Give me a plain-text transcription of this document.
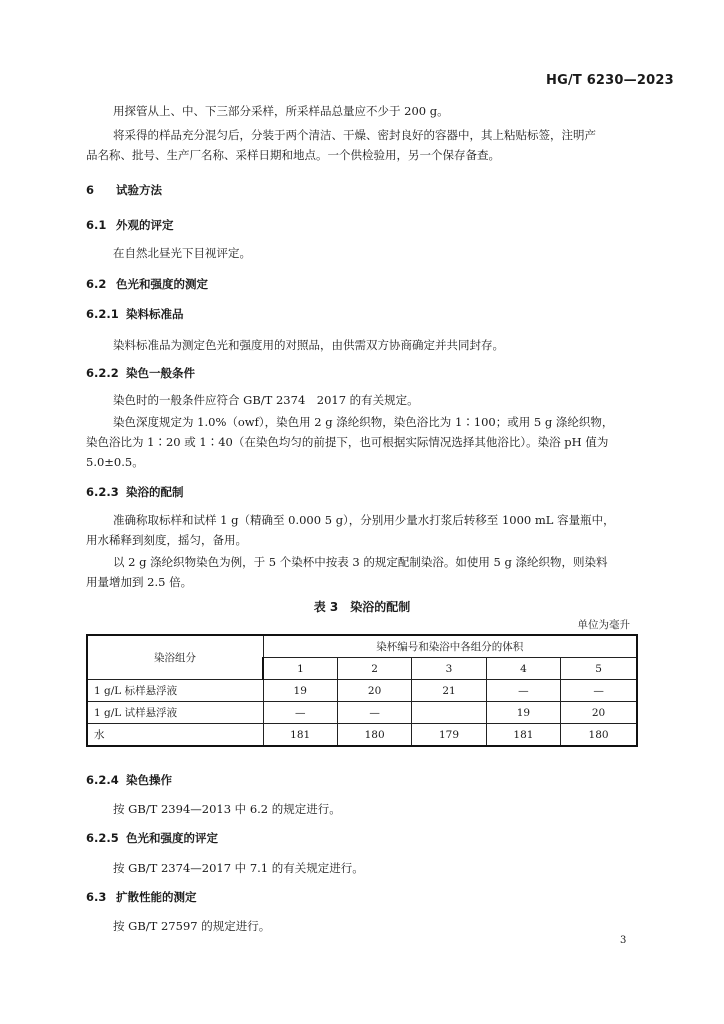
HG/T 6230—2023
用探管从上、中、下三部分采样，所采样品总量应不少于 200 g。
将采得的样品充分混匀后，分装于两个清洁、干燥、密封良好的容器中，其上粘贴标签，注明产
品名称、批号、生产厂名称、采样日期和地点。一个供检验用，另一个保存备查。
6 试验方法
6.1 外观的评定
在自然北昼光下目视评定。
6.2 色光和强度的测定
6.2.1 染料标准品
染料标准品为测定色光和强度用的对照品，由供需双方协商确定并共同封存。
6.2.2 染色一般条件
染色时的一般条件应符合 GB/T 2374　2017 的有关规定。
染色深度规定为 1.0%（owf），染色用 2 g 涤纶织物，染色浴比为 1∶100；或用 5 g 涤纶织物，
染色浴比为 1∶20 或 1∶40（在染色均匀的前提下，也可根据实际情况选择其他浴比）。染浴 pH 值为
5.0±0.5。
6.2.3 染浴的配制
准确称取标样和试样 1 g（精确至 0.000 5 g），分别用少量水打浆后转移至 1000 mL 容量瓶中，
用水稀释到刻度，摇匀，备用。
以 2 g 涤纶织物染色为例，于 5 个染杯中按表 3 的规定配制染浴。如使用 5 g 涤纶织物，则染料
用量增加到 2.5 倍。
表 3　染浴的配制
单位为毫升
染浴组分	染杯编号和染浴中各组分的体积				
	1	2	3	4	5
1 g/L 标样悬浮液	19	20	21	—	—
1 g/L 试样悬浮液	—	—		19	20
水	181	180	179	181	180
6.2.4 染色操作
按 GB/T 2394—2013 中 6.2 的规定进行。
6.2.5 色光和强度的评定
按 GB/T 2374—2017 中 7.1 的有关规定进行。
6.3 扩散性能的测定
按 GB/T 27597 的规定进行。
3
